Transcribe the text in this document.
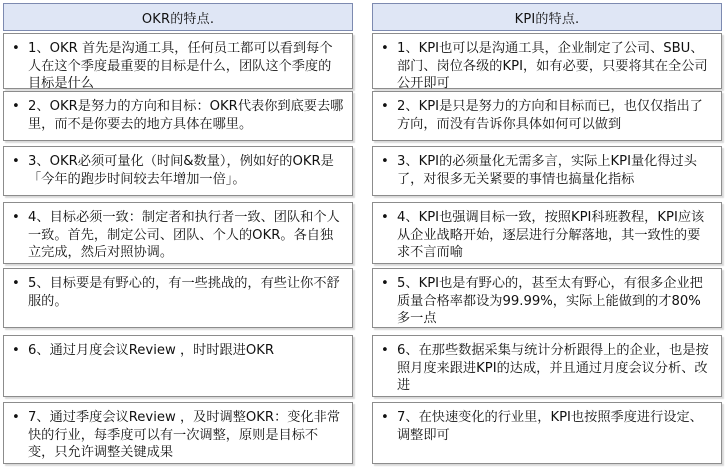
OKR的特点.
• 1、OKR 首先是沟通工具，任何员工都可以看到每个人在这个季度最重要的目标是什么，团队这个季度的目标是什么
• 2、OKR是努力的方向和目标：OKR代表你到底要去哪里，而不是你要去的地方具体在哪里。
• 3、OKR必须可量化（时间&数量），例如好的OKR是「今年的跑步时间较去年增加一倍」。
• 4、目标必须一致：制定者和执行者一致、团队和个人一致。首先，制定公司、团队、个人的OKR。各自独立完成，然后对照协调。
• 5、目标要是有野心的，有一些挑战的，有些让你不舒服的。
• 6、通过月度会议Review ，时时跟进OKR
• 7、通过季度会议Review ，及时调整OKR：变化非常快的行业，每季度可以有一次调整，原则是目标不变，只允许调整关键成果
KPI的特点.
• 1、KPI也可以是沟通工具，企业制定了公司、SBU、部门、岗位各级的KPI，如有必要，只要将其在全公司公开即可
• 2、KPI是只是努力的方向和目标而已，也仅仅指出了方向，而没有告诉你具体如何可以做到
• 3、KPI的必须量化无需多言，实际上KPI量化得过头了，对很多无关紧要的事情也搞量化指标
• 4、KPI也强调目标一致，按照KPI科班教程，KPI应该从企业战略开始，逐层进行分解落地，其一致性的要求不言而喻
• 5、KPI也是有野心的，甚至太有野心，有很多企业把质量合格率都设为99.99%，实际上能做到的才80%多一点
• 6、在那些数据采集与统计分析跟得上的企业，也是按照月度来跟进KPI的达成，并且通过月度会议分析、改进
• 7、在快速变化的行业里，KPI也按照季度进行设定、调整即可
